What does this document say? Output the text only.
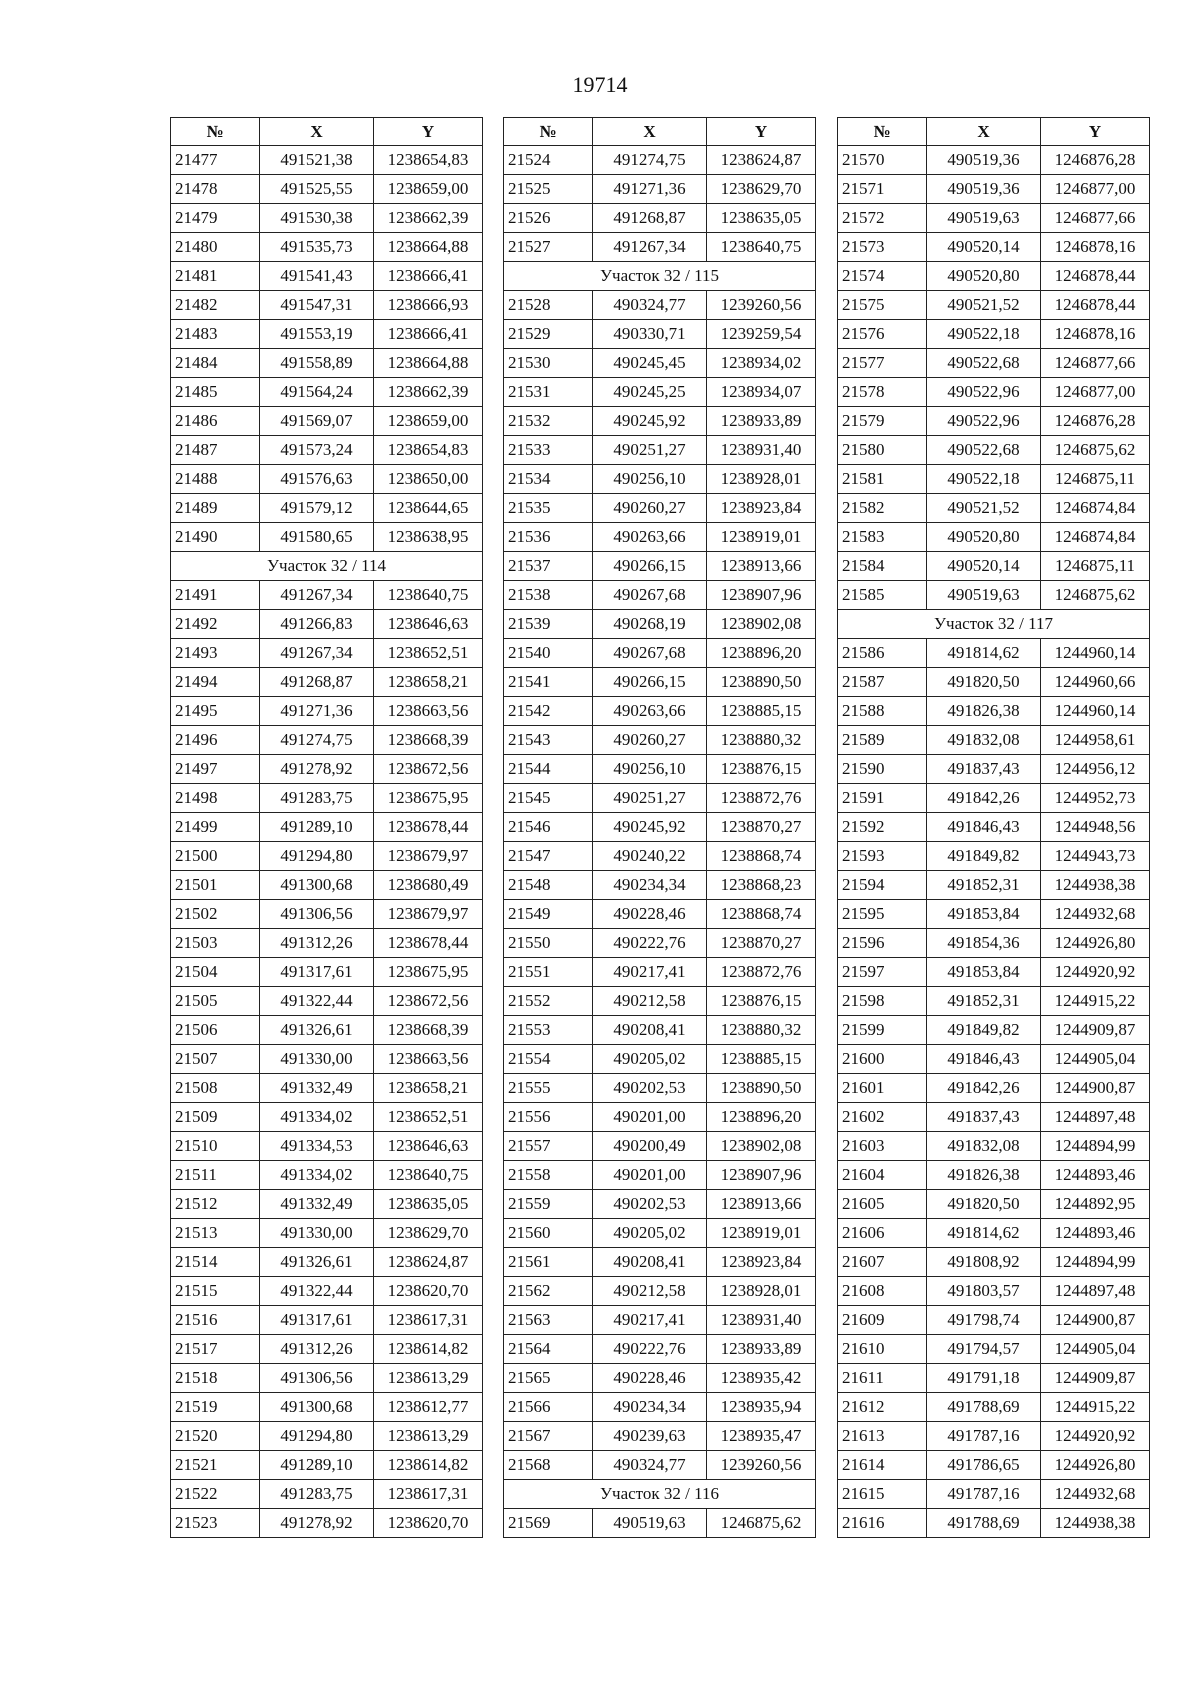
19714
№	X	Y
21477	491521,38	1238654,83
21478	491525,55	1238659,00
21479	491530,38	1238662,39
21480	491535,73	1238664,88
21481	491541,43	1238666,41
21482	491547,31	1238666,93
21483	491553,19	1238666,41
21484	491558,89	1238664,88
21485	491564,24	1238662,39
21486	491569,07	1238659,00
21487	491573,24	1238654,83
21488	491576,63	1238650,00
21489	491579,12	1238644,65
21490	491580,65	1238638,95
Участок 32 / 114		
21491	491267,34	1238640,75
21492	491266,83	1238646,63
21493	491267,34	1238652,51
21494	491268,87	1238658,21
21495	491271,36	1238663,56
21496	491274,75	1238668,39
21497	491278,92	1238672,56
21498	491283,75	1238675,95
21499	491289,10	1238678,44
21500	491294,80	1238679,97
21501	491300,68	1238680,49
21502	491306,56	1238679,97
21503	491312,26	1238678,44
21504	491317,61	1238675,95
21505	491322,44	1238672,56
21506	491326,61	1238668,39
21507	491330,00	1238663,56
21508	491332,49	1238658,21
21509	491334,02	1238652,51
21510	491334,53	1238646,63
21511	491334,02	1238640,75
21512	491332,49	1238635,05
21513	491330,00	1238629,70
21514	491326,61	1238624,87
21515	491322,44	1238620,70
21516	491317,61	1238617,31
21517	491312,26	1238614,82
21518	491306,56	1238613,29
21519	491300,68	1238612,77
21520	491294,80	1238613,29
21521	491289,10	1238614,82
21522	491283,75	1238617,31
21523	491278,92	1238620,70
№	X	Y
21524	491274,75	1238624,87
21525	491271,36	1238629,70
21526	491268,87	1238635,05
21527	491267,34	1238640,75
Участок 32 / 115		
21528	490324,77	1239260,56
21529	490330,71	1239259,54
21530	490245,45	1238934,02
21531	490245,25	1238934,07
21532	490245,92	1238933,89
21533	490251,27	1238931,40
21534	490256,10	1238928,01
21535	490260,27	1238923,84
21536	490263,66	1238919,01
21537	490266,15	1238913,66
21538	490267,68	1238907,96
21539	490268,19	1238902,08
21540	490267,68	1238896,20
21541	490266,15	1238890,50
21542	490263,66	1238885,15
21543	490260,27	1238880,32
21544	490256,10	1238876,15
21545	490251,27	1238872,76
21546	490245,92	1238870,27
21547	490240,22	1238868,74
21548	490234,34	1238868,23
21549	490228,46	1238868,74
21550	490222,76	1238870,27
21551	490217,41	1238872,76
21552	490212,58	1238876,15
21553	490208,41	1238880,32
21554	490205,02	1238885,15
21555	490202,53	1238890,50
21556	490201,00	1238896,20
21557	490200,49	1238902,08
21558	490201,00	1238907,96
21559	490202,53	1238913,66
21560	490205,02	1238919,01
21561	490208,41	1238923,84
21562	490212,58	1238928,01
21563	490217,41	1238931,40
21564	490222,76	1238933,89
21565	490228,46	1238935,42
21566	490234,34	1238935,94
21567	490239,63	1238935,47
21568	490324,77	1239260,56
Участок 32 / 116		
21569	490519,63	1246875,62
№	X	Y
21570	490519,36	1246876,28
21571	490519,36	1246877,00
21572	490519,63	1246877,66
21573	490520,14	1246878,16
21574	490520,80	1246878,44
21575	490521,52	1246878,44
21576	490522,18	1246878,16
21577	490522,68	1246877,66
21578	490522,96	1246877,00
21579	490522,96	1246876,28
21580	490522,68	1246875,62
21581	490522,18	1246875,11
21582	490521,52	1246874,84
21583	490520,80	1246874,84
21584	490520,14	1246875,11
21585	490519,63	1246875,62
Участок 32 / 117		
21586	491814,62	1244960,14
21587	491820,50	1244960,66
21588	491826,38	1244960,14
21589	491832,08	1244958,61
21590	491837,43	1244956,12
21591	491842,26	1244952,73
21592	491846,43	1244948,56
21593	491849,82	1244943,73
21594	491852,31	1244938,38
21595	491853,84	1244932,68
21596	491854,36	1244926,80
21597	491853,84	1244920,92
21598	491852,31	1244915,22
21599	491849,82	1244909,87
21600	491846,43	1244905,04
21601	491842,26	1244900,87
21602	491837,43	1244897,48
21603	491832,08	1244894,99
21604	491826,38	1244893,46
21605	491820,50	1244892,95
21606	491814,62	1244893,46
21607	491808,92	1244894,99
21608	491803,57	1244897,48
21609	491798,74	1244900,87
21610	491794,57	1244905,04
21611	491791,18	1244909,87
21612	491788,69	1244915,22
21613	491787,16	1244920,92
21614	491786,65	1244926,80
21615	491787,16	1244932,68
21616	491788,69	1244938,38
